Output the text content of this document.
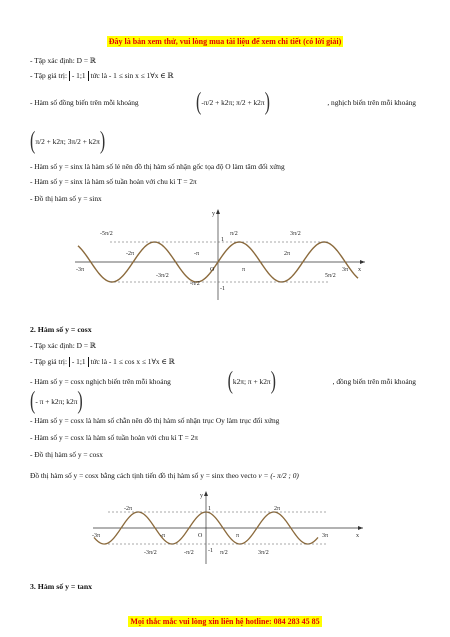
Đây là bản xem thử, vui lòng mua tài liệu để xem chi tiết (có lời giải)
- Tập xác định: D = ℝ
- Tập giá trị: - 1;1 tức là - 1 ≤ sin x ≤ 1∀x ∈ ℝ
- Hàm số đồng biến trên mỗi khoảng	(-π/2 + k2π; π/2 + k2π)	, nghịch biến trên mỗi khoảng
(π/2 + k2π; 3π/2 + k2π)
- Hàm số y = sinx là hàm số lẻ nên đồ thị hàm số nhận gốc tọa độ O làm tâm đối xứng
- Hàm số y = sinx là hàm số tuần hoàn với chu kì T = 2π
- Đồ thị hàm số y = sinx
y
x
O
1
-1
-3π
-2π	-π
π
2π
3π
-5π/2
-3π/2
-π/2
π/2
5π/2
3π/2
2. Hàm số y = cosx
- Tập xác định: D = ℝ
- Tập giá trị: - 1;1 tức là - 1 ≤ cos x ≤ 1∀x ∈ ℝ
- Hàm số y = cosx nghịch biến trên mỗi khoảng	(k2π; π + k2π)	, đồng biến trên mỗi khoảng
(- π + k2π; k2π)
- Hàm số y = cosx là hàm số chẵn nên đồ thị hàm số nhận trục Oy làm trục đối xứng
- Hàm số y = cosx là hàm số tuần hoàn với chu kì T = 2π
- Đồ thị hàm số y = cosx
Đồ thị hàm số y = cosx bằng cách tịnh tiến đồ thị hàm số y = sinx theo vecto v = (- π/2 ; 0)
y
x
O
1
-1
-3π
-2π
-π	π
2π
3π
-3π/2	-π/2	π/2	3π/2
3. Hàm số y = tanx
Mọi thắc mắc vui lòng xin liên hệ hotline: 084 283 45 85
